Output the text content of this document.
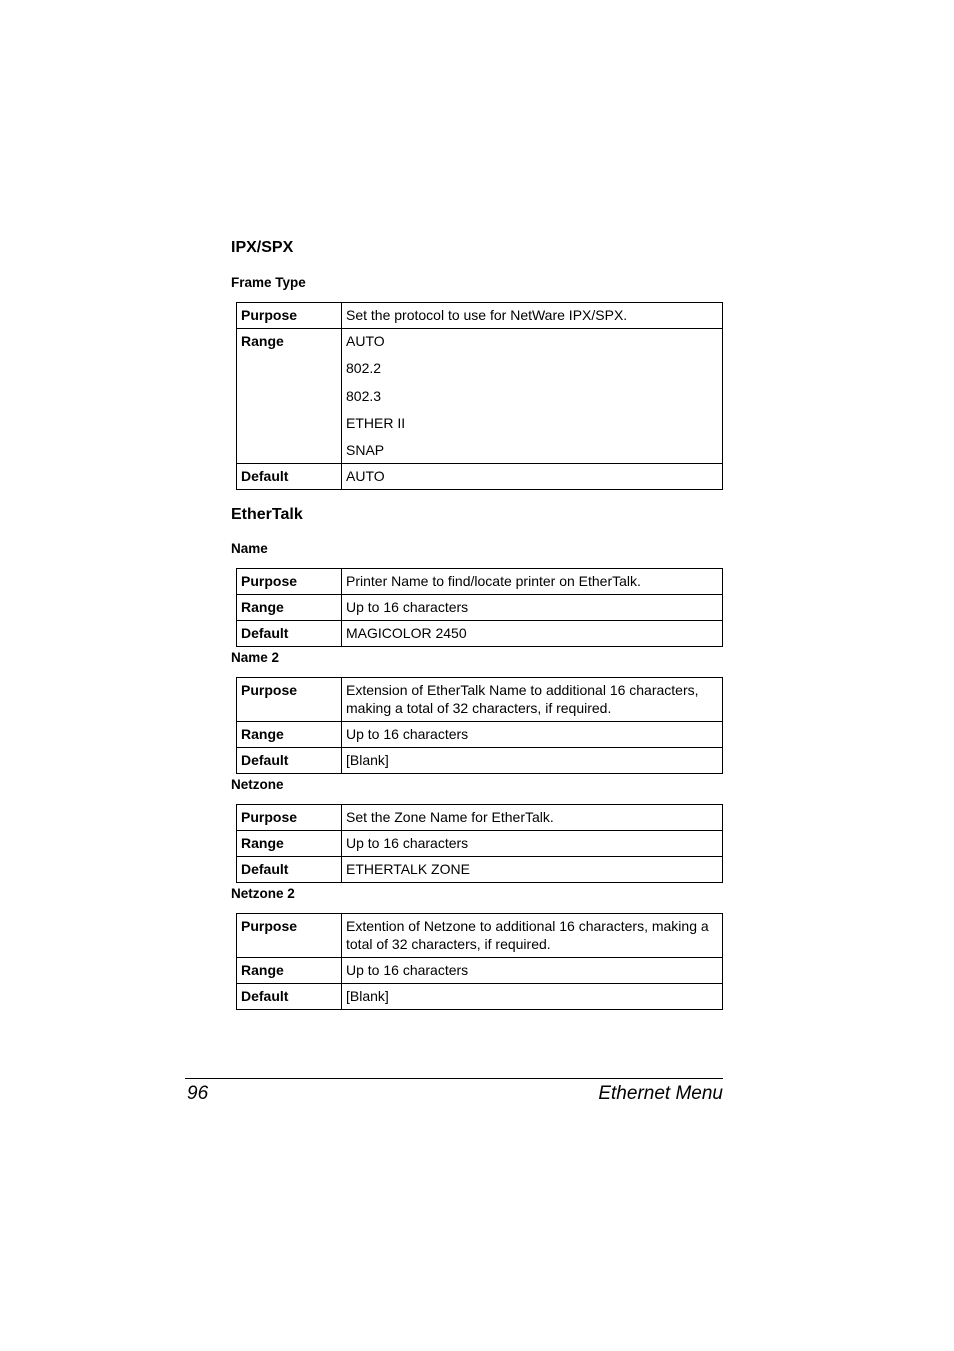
IPX/SPX
Frame Type
Purpose	Set the protocol to use for NetWare IPX/SPX.
Range	AUTO
802.2
802.3
ETHER II
SNAP

Default	AUTO
EtherTalk
Name
Purpose	Printer Name to find/locate printer on EtherTalk.
Range	Up to 16 characters
Default	MAGICOLOR 2450
Name 2
Purpose	Extension of EtherTalk Name to additional 16 characters, making a total of 32 characters, if required.
Range	Up to 16 characters
Default	[Blank]
Netzone
Purpose	Set the Zone Name for EtherTalk.
Range	Up to 16 characters
Default	ETHERTALK ZONE
Netzone 2
Purpose	Extention of Netzone to additional 16 characters, making a total of 32 characters, if required.
Range	Up to 16 characters
Default	[Blank]
96	Ethernet Menu
